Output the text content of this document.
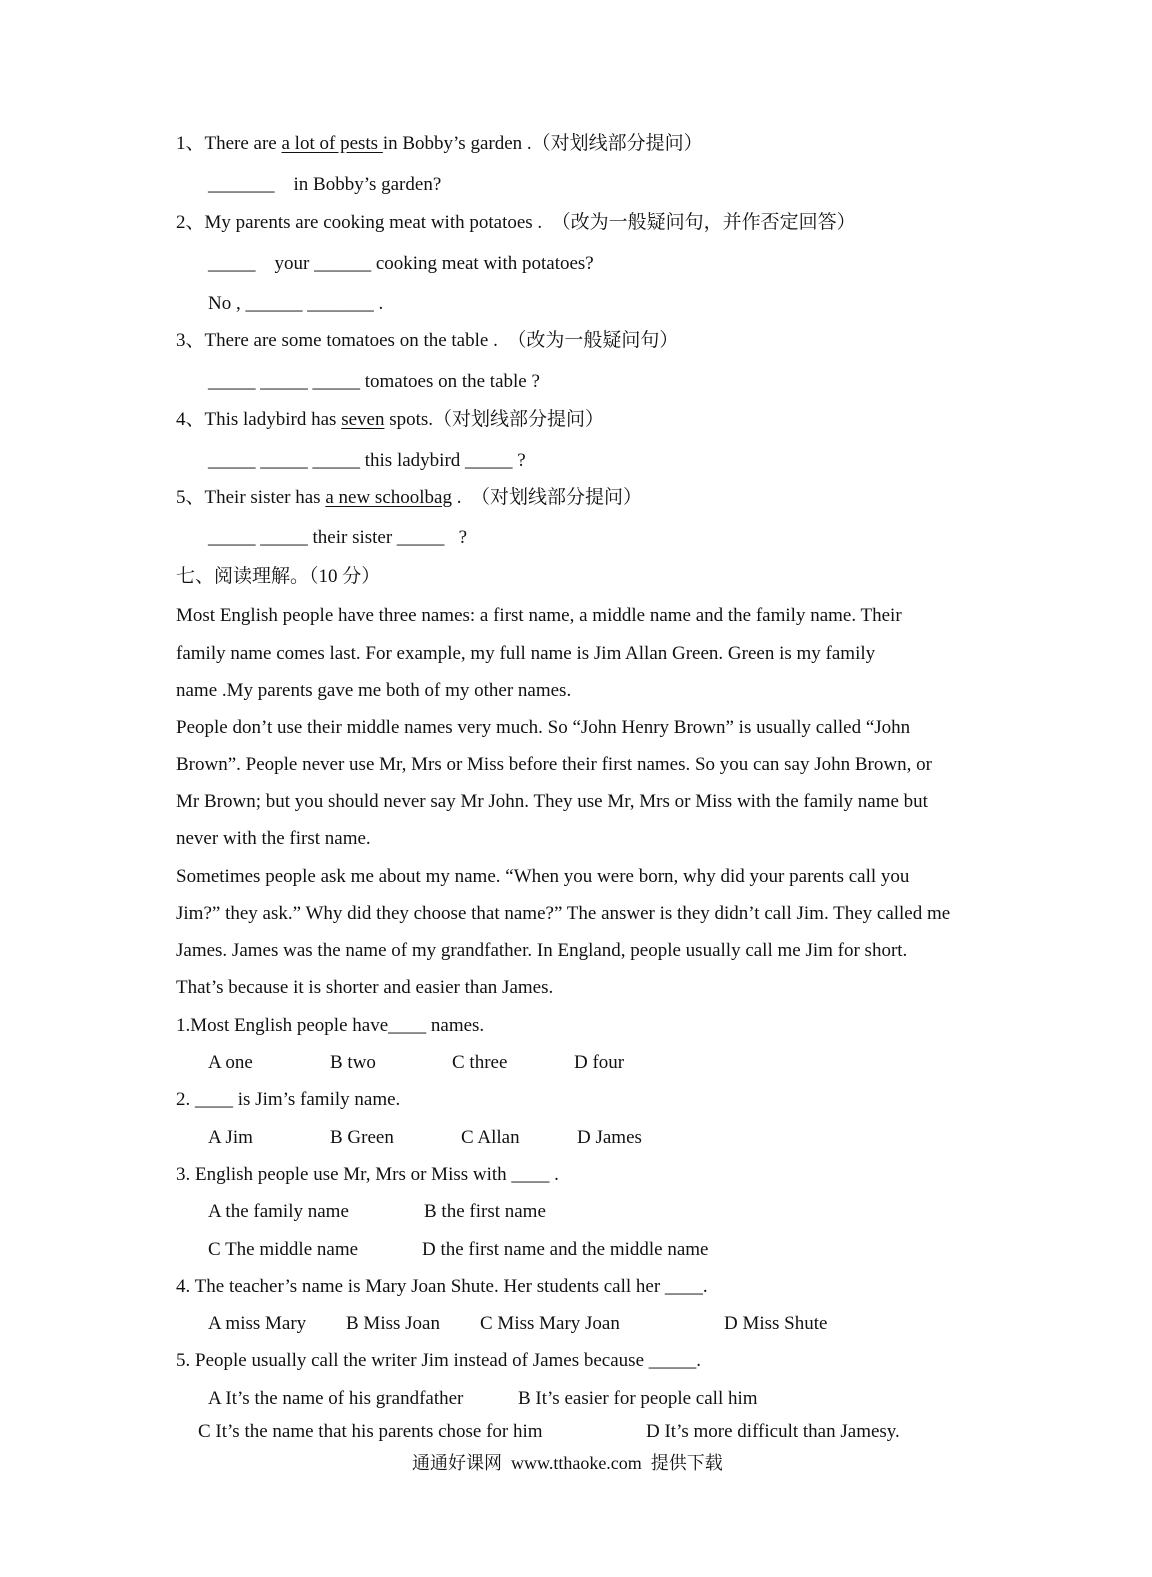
1、There are a lot of pests in Bobby’s garden .（对划线部分提问）
_______    in Bobby’s garden?
2、My parents are cooking meat with potatoes .  （改为一般疑问句，并作否定回答）
_____    your ______ cooking meat with potatoes?
No , ______ _______ .
3、There are some tomatoes on the table .  （改为一般疑问句）
_____ _____ _____ tomatoes on the table ?
4、This ladybird has seven spots.（对划线部分提问）
_____ _____ _____ this ladybird _____ ?
5、Their sister has a new schoolbag .  （对划线部分提问）
_____ _____ their sister _____   ?
七、阅读理解。（10 分）
Most English people have three names: a first name, a middle name and the family name. Their
family name comes last. For example, my full name is Jim Allan Green. Green is my family
name .My parents gave me both of my other names.
People don’t use their middle names very much. So “John Henry Brown” is usually called “John
Brown”. People never use Mr, Mrs or Miss before their first names. So you can say John Brown, or
Mr Brown; but you should never say Mr John. They use Mr, Mrs or Miss with the family name but
never with the first name.
Sometimes people ask me about my name. “When you were born, why did your parents call you
Jim?” they ask.” Why did they choose that name?” The answer is they didn’t call Jim. They called me
James. James was the name of my grandfather. In England, people usually call me Jim for short.
That’s because it is shorter and easier than James.
1.Most English people have____ names.
A one	B two	C three	D four
2. ____ is Jim’s family name.
A Jim	B Green	C Allan	D James
3. English people use Mr, Mrs or Miss with ____ .
A the family name	B the first name
C The middle name	D the first name and the middle name
4. The teacher’s name is Mary Joan Shute. Her students call her ____.
A miss Mary B Miss Joan C Miss Mary Joan	D Miss Shute
5. People usually call the writer Jim instead of James because _____.
A It’s the name of his grandfather	B It’s easier for people call him
C It’s the name that his parents chose for him	D It’s more difficult than Jamesy.
通通好课网  www.tthaoke.com  提供下载
